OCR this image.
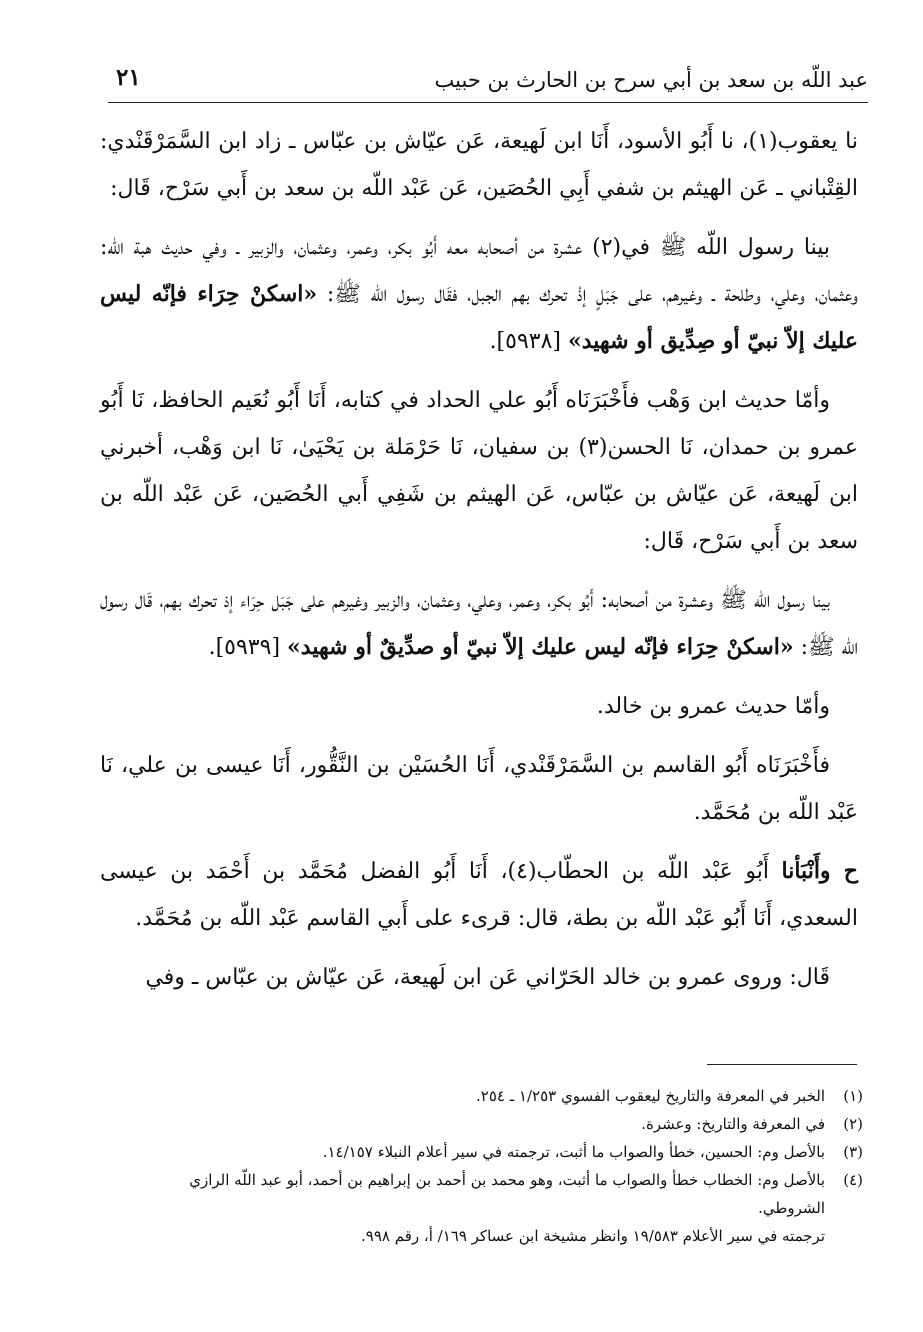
عبد اللّه بن سعد بن أبي سرح بن الحارث بن حبيب
٢١

نا يعقوب(١)، نا أَبُو الأسود، أَنَا ابن لَهيعة، عَن عيّاش بن عبّاس ـ زاد ابن السَّمَرْقَنْدي: القِتْباني ـ عَن الهيثم بن شفي أَبِي الحُصَين، عَن عَبْد اللّه بن سعد بن أَبي سَرْح، قَال:

بينا رسول اللّه ﷺ في(٢) عشرة من أصحابه معه أَبُو بكر، وعمر، وعثمان، والزبير ـ وفي حديث هبة اللّه: وعثمان، وعلي، وطلحة ـ وغيرهم، على جَبَلٍ إذْ تحرك بهم الجبل، فقَال رسول اللّه ﷺ: «اسكنْ حِرَاء فإنّه ليس عليك إلاّ نبيّ أو صِدِّيق أو شهيد» [٥٩٣٨].

وأمّا حديث ابن وَهْب فأَخْبَرَنَاه أَبُو علي الحداد في كتابه، أَنَا أَبُو نُعَيم الحافظ، نَا أَبُو عمرو بن حمدان، نَا الحسن(٣) بن سفيان، نَا حَرْمَلة بن يَحْيَىٰ، نَا ابن وَهْب، أخبرني ابن لَهيعة، عَن عيّاش بن عبّاس، عَن الهيثم بن شَفِي أَبي الحُصَين، عَن عَبْد اللّه بن سعد بن أَبي سَرْح، قَال:

بينا رسول اللّه ﷺ وعشرة من أصحابه: أَبُو بكر، وعمر، وعلي، وعثمان، والزبير وغيرهم على جَبَل حِرَاء إذ تحرك بهم، قَال رسول اللّه ﷺ: «اسكنْ حِرَاء فإنّه ليس عليك إلاّ نبيّ أو صدِّيقٌ أو شهيد» [٥٩٣٩].

وأمّا حديث عمرو بن خالد.

فأَخْبَرَنَاه أَبُو القاسم بن السَّمَرْقَنْدي، أَنَا الحُسَيْن بن النَّقُّور، أَنَا عيسى بن علي، نَا عَبْد اللّه بن مُحَمَّد.

ح وأَنْبَأنا أَبُو عَبْد اللّه بن الحطّاب(٤)، أَنَا أَبُو الفضل مُحَمَّد بن أَحْمَد بن عيسى السعدي، أَنَا أَبُو عَبْد اللّه بن بطة، قال: قرىء على أَبي القاسم عَبْد اللّه بن مُحَمَّد.

قَال: وروى عمرو بن خالد الحَرّاني عَن ابن لَهيعة، عَن عيّاش بن عبّاس ـ وفي

(١)
الخبر في المعرفة والتاريخ ليعقوب الفسوي ١/٢٥٣ ـ ٢٥٤.
(٢)
في المعرفة والتاريخ: وعشرة.
(٣)
بالأصل وم: الحسين، خطأ والصواب ما أثبت، ترجمته في سير أعلام النبلاء ١٤/١٥٧.
(٤)
بالأصل وم: الخطاب خطأ والصواب ما أثبت، وهو محمد بن أحمد بن إبراهيم بن أحمد، أبو عبد اللّه الرازي الشروطي.
ترجمته في سير الأعلام ١٩/٥٨٣ وانظر مشيخة ابن عساكر ١٦٩/ أ، رقم ٩٩٨.
